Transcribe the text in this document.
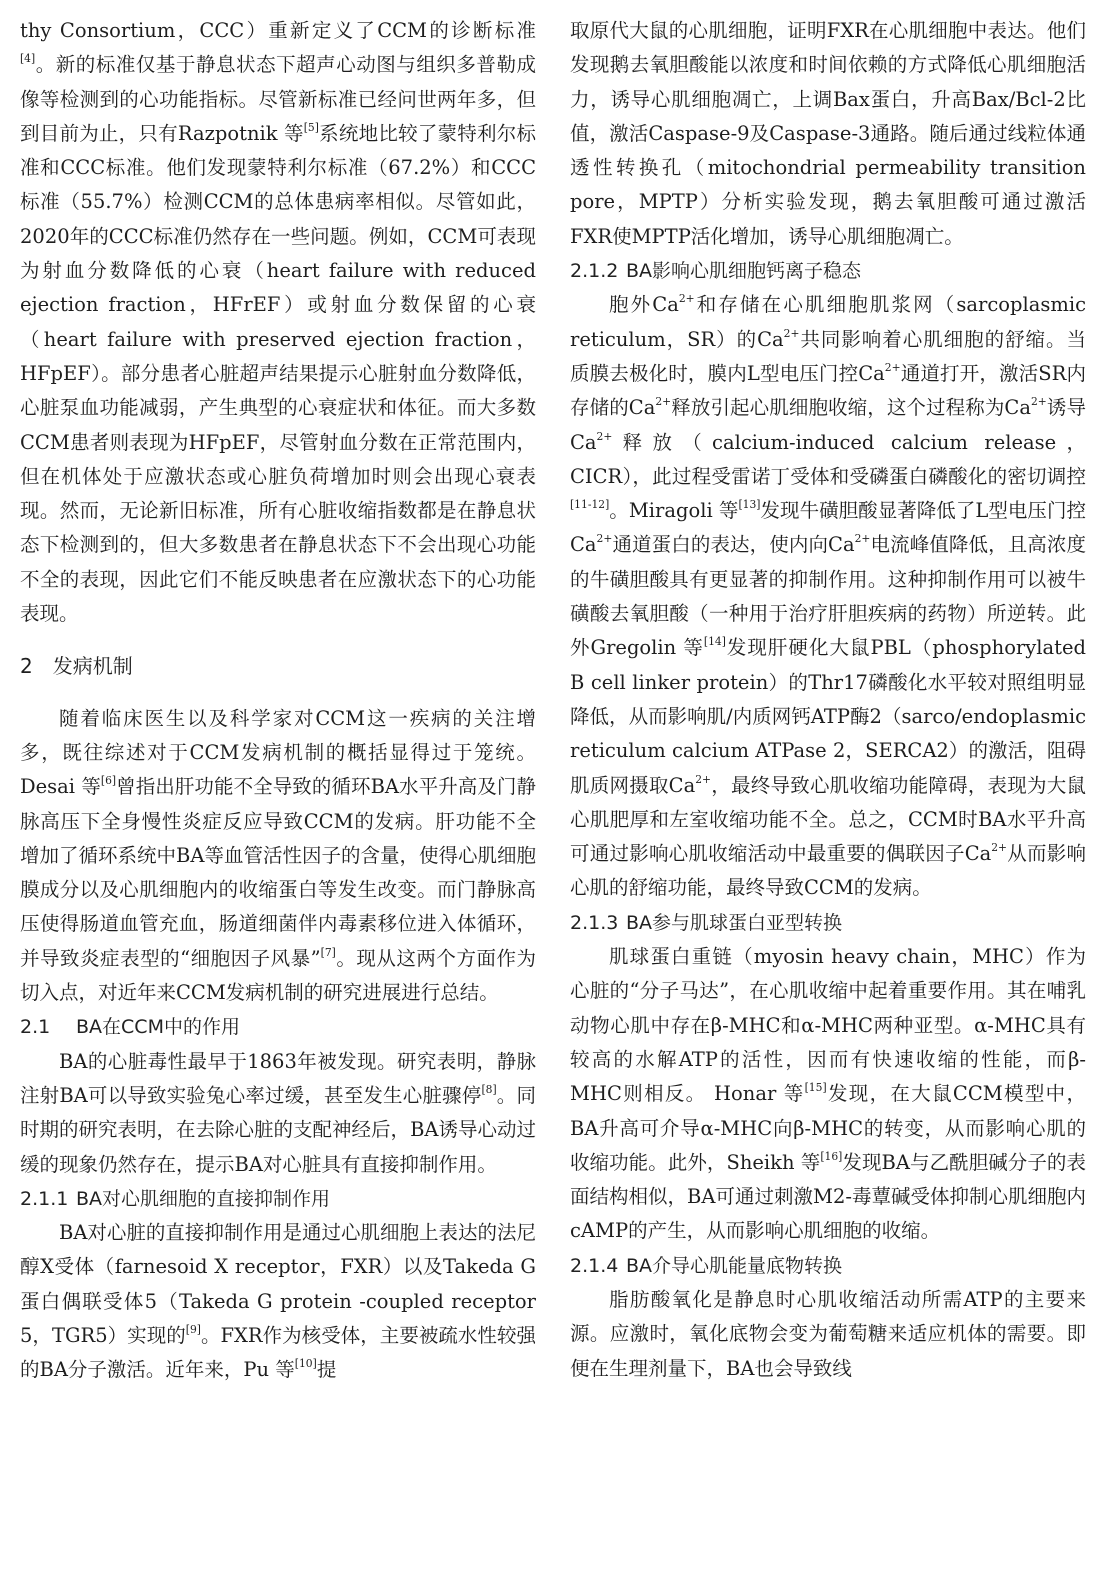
thy Consortium，CCC）重新定义了CCM的诊断标准[4]。新的标准仅基于静息状态下超声心动图与组织多普勒成像等检测到的心功能指标。尽管新标准已经问世两年多，但到目前为止，只有Razpotnik 等[5]系统地比较了蒙特利尔标准和CCC标准。他们发现蒙特利尔标准（67.2%）和CCC标准（55.7%）检测CCM的总体患病率相似。尽管如此，2020年的CCC标准仍然存在一些问题。例如，CCM可表现为射血分数降低的心衰（heart failure with reduced ejection fraction，HFrEF）或射血分数保留的心衰（heart failure with preserved ejection fraction，HFpEF）。部分患者心脏超声结果提示心脏射血分数降低，心脏泵血功能减弱，产生典型的心衰症状和体征。而大多数CCM患者则表现为HFpEF，尽管射血分数在正常范围内，但在机体处于应激状态或心脏负荷增加时则会出现心衰表现。然而，无论新旧标准，所有心脏收缩指数都是在静息状态下检测到的，但大多数患者在静息状态下不会出现心功能不全的表现，因此它们不能反映患者在应激状态下的心功能表现。

2 发病机制

随着临床医生以及科学家对CCM这一疾病的关注增多，既往综述对于CCM发病机制的概括显得过于笼统。Desai 等[6]曾指出肝功能不全导致的循环BA水平升高及门静脉高压下全身慢性炎症反应导致CCM的发病。肝功能不全增加了循环系统中BA等血管活性因子的含量，使得心肌细胞膜成分以及心肌细胞内的收缩蛋白等发生改变。而门静脉高压使得肠道血管充血，肠道细菌伴内毒素移位进入体循环，并导致炎症表型的“细胞因子风暴”[7]。现从这两个方面作为切入点，对近年来CCM发病机制的研究进展进行总结。

2.1 BA在CCM中的作用

BA的心脏毒性最早于1863年被发现。研究表明，静脉注射BA可以导致实验兔心率过缓，甚至发生心脏骤停[8]。同时期的研究表明，在去除心脏的支配神经后，BA诱导心动过缓的现象仍然存在，提示BA对心脏具有直接抑制作用。

2.1.1 BA对心肌细胞的直接抑制作用

BA对心脏的直接抑制作用是通过心肌细胞上表达的法尼醇X受体（farnesoid X receptor，FXR）以及Takeda G 蛋白偶联受体5（Takeda G protein -coupled receptor 5，TGR5）实现的[9]。FXR作为核受体，主要被疏水性较强的BA分子激活。近年来，Pu 等[10]提

取原代大鼠的心肌细胞，证明FXR在心肌细胞中表达。他们发现鹅去氧胆酸能以浓度和时间依赖的方式降低心肌细胞活力，诱导心肌细胞凋亡，上调Bax蛋白，升高Bax/Bcl-2比值，激活Caspase-9及Caspase-3通路。随后通过线粒体通透性转换孔（mitochondrial permeability transition pore，MPTP）分析实验发现，鹅去氧胆酸可通过激活FXR使MPTP活化增加，诱导心肌细胞凋亡。

2.1.2 BA影响心肌细胞钙离子稳态

胞外$Ca^{2+}$和存储在心肌细胞肌浆网（sarcoplasmic reticulum，SR）的$Ca^{2+}$共同影响着心肌细胞的舒缩。当质膜去极化时，膜内L型电压门控$Ca^{2+}$通道打开，激活SR内存储的$Ca^{2+}$释放引起心肌细胞收缩，这个过程称为$Ca^{2+}$诱导$Ca^{2+}$释放（calcium-induced calcium release，CICR），此过程受雷诺丁受体和受磷蛋白磷酸化的密切调控[11-12]。Miragoli 等[13]发现牛磺胆酸显著降低了L型电压门控$Ca^{2+}$通道蛋白的表达，使内向$Ca^{2+}$电流峰值降低，且高浓度的牛磺胆酸具有更显著的抑制作用。这种抑制作用可以被牛磺酸去氧胆酸（一种用于治疗肝胆疾病的药物）所逆转。此外Gregolin 等[14]发现肝硬化大鼠PBL（phosphorylated B cell linker protein）的Thr17磷酸化水平较对照组明显降低，从而影响肌/内质网钙ATP酶2（sarco/endoplasmic reticulum calcium ATPase 2，SERCA2）的激活，阻碍肌质网摄取$Ca^{2+}$，最终导致心肌收缩功能障碍，表现为大鼠心肌肥厚和左室收缩功能不全。总之，CCM时BA水平升高可通过影响心肌收缩活动中最重要的偶联因子$Ca^{2+}$从而影响心肌的舒缩功能，最终导致CCM的发病。

2.1.3 BA参与肌球蛋白亚型转换

肌球蛋白重链（myosin heavy chain，MHC）作为心脏的“分子马达”，在心肌收缩中起着重要作用。其在哺乳动物心肌中存在β-MHC和α-MHC两种亚型。α-MHC具有较高的水解ATP的活性，因而有快速收缩的性能，而β-MHC则相反。 Honar 等[15]发现，在大鼠CCM模型中，BA升高可介导α-MHC向β-MHC的转变，从而影响心肌的收缩功能。此外，Sheikh 等[16]发现BA与乙酰胆碱分子的表面结构相似，BA可通过刺激M2-毒蕈碱受体抑制心肌细胞内cAMP的产生，从而影响心肌细胞的收缩。

2.1.4 BA介导心肌能量底物转换

脂肪酸氧化是静息时心肌收缩活动所需ATP的主要来源。应激时，氧化底物会变为葡萄糖来适应机体的需要。即便在生理剂量下，BA也会导致线
